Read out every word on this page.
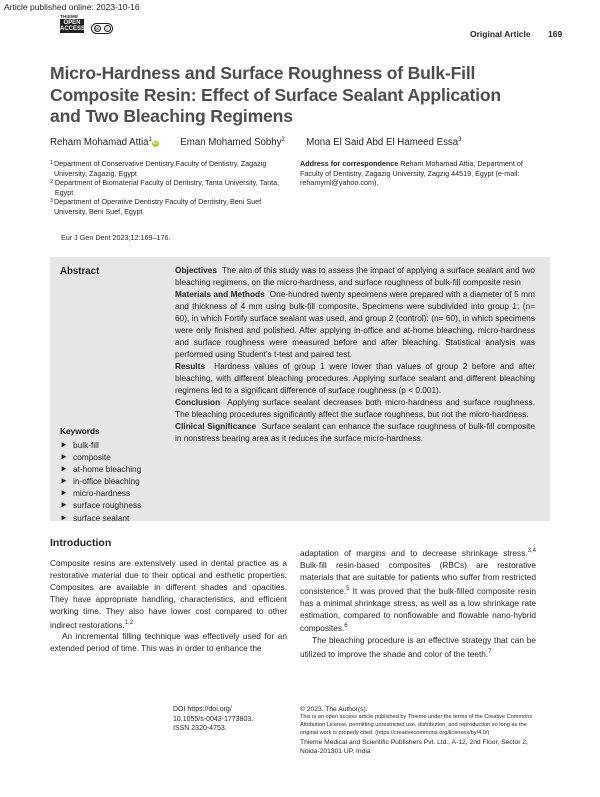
Article published online: 2023-10-16
THIEME
OPEN ACCESS cc	i
Original Article 169
Micro-Hardness and Surface Roughness of Bulk-Fill Composite Resin: Effect of Surface Sealant Application and Two Bleaching Regimens
Reham Mohamad Attia$^1$iD Eman Mohamed Sobhy$^2$ Mona El Said Abd El Hameed Essa$^3$
1 Department of Conservative Dentistry Faculty of Dentistry, Zagazig University, Zagazig, Egypt
2 Department of Biomaterial Faculty of Dentistry, Tanta University, Tanta, Egypt
3 Department of Operative Dentistry Faculty of Dentistry, Beni Suef University, Beni Suef, Egypt
Address for correspondence Reham Mohamad Attia, Department of Faculty of Dentistry, Zagazig University, Zagzig 44519, Egypt (e-mail: rehamyml@yahoo.com).
Eur J Gen Dent 2023;12:169–176.
Abstract	Objectives The aim of this study was to assess the impact of applying a surface sealant and two bleaching regimens, on the micro-hardness, and surface roughness of bulk-fill composite resin

Materials and Methods One-hundred twenty specimens were prepared with a diameter of 5 mm and thickness of 4 mm using bulk-fill composite. Specimens were subdivided into group 1: (n= 60), in which Fortify surface sealant was used, and group 2 (control): (n= 60), in which specimens were only finished and polished. After applying in-office and at-home bleaching, micro-hardness and surface roughness were measured before and after bleaching. Statistical analysis was performed using Student’s t-test and paired test.

Results Hardness values of group 1 were lower than values of group 2 before and after bleaching, with different bleaching procedures. Applying surface sealant and different bleaching regimens led to a significant difference of surface roughness (p < 0.001).

Conclusion Applying surface sealant decreases both micro-hardness and surface roughness. The bleaching procedures significantly affect the surface roughness, but not the micro-hardness.

Clinical Significance Surface sealant can enhance the surface roughness of bulk-fill composite in nonstress bearing area as it reduces the surface micro-hardness.

Keywords
► bulk-fill
► composite
► at-home bleaching
► in-office bleaching
► micro-hardness
► surface roughness
► surface sealant
Introduction

Composite resins are extensively used in dental practice as a restorative material due to their optical and esthetic properties. Composites are available in different shades and opacities. They have appropriate handling, characteristics, and efficient working time. They also have lower cost compared to other indirect restorations.$^{1,2}$

An incremental filling technique was effectively used for an extended period of time. This was in order to enhance the

adaptation of margins and to decrease shrinkage stress.$^{3,4}$ Bulk-fill resin-based composites (RBCs) are restorative materials that are suitable for patients who suffer from restricted consistence.$^5$ It was proved that the bulk-filled composite resin has a minimal shrinkage stress, as well as a low shrinkage rate estimation, compared to nonflowable and flowable nano-hybrid composites.$^6$

The bleaching procedure is an effective strategy that can be utilized to improve the shade and color of the teeth.$^7$

DOI https://doi.org/
10.1055/s-0043-1773803.
ISSN 2320-4753.
© 2023. The Author(s).
This is an open access article published by Thieme under the terms of the Creative Commons Attribution License, permitting unrestricted use, distribution, and reproduction so long as the original work is properly cited. (https://creativecommons.org/licenses/by/4.0/)
Thieme Medical and Scientific Publishers Pvt. Ltd., A-12, 2nd Floor, Sector 2, Noida-201301 UP, India
